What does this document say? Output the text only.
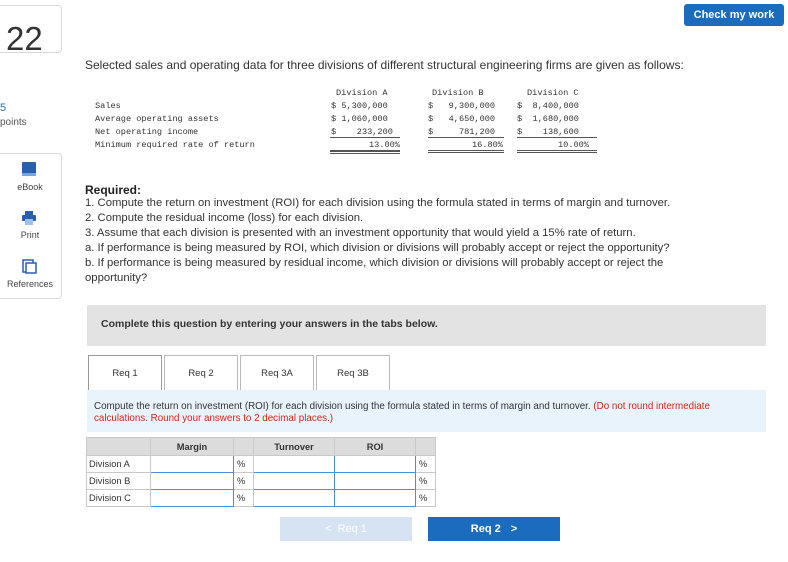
22
5
points
eBook
Print
References
Check my work
Selected sales and operating data for three divisions of different structural engineering firms are given as follows:
Division A	Division B	Division C
Sales	$ 5,300,000	$   9,300,000	$  8,400,000
Average operating assets	$ 1,060,000	$   4,650,000	$  1,680,000
Net operating income	$    233,200	$     781,200	$    138,600
Minimum required rate of return	13.00%	16.80%	10.00%
Required:
1. Compute the return on investment (ROI) for each division using the formula stated in terms of margin and turnover.
2. Compute the residual income (loss) for each division.
3. Assume that each division is presented with an investment opportunity that would yield a 15% rate of return.
a. If performance is being measured by ROI, which division or divisions will probably accept or reject the opportunity?
b. If performance is being measured by residual income, which division or divisions will probably accept or reject the
opportunity?
Complete this question by entering your answers in the tabs below.
Req 1	Req 2	Req 3A	Req 3B
Compute the return on investment (ROI) for each division using the formula stated in terms of margin and turnover. (Do not round intermediate calculations. Round your answers to 2 decimal places.)
	Margin		Turnover	ROI	
Division A		%			%
Division B		%			%
Division C		%			%
< Req 1	Req 2 >
